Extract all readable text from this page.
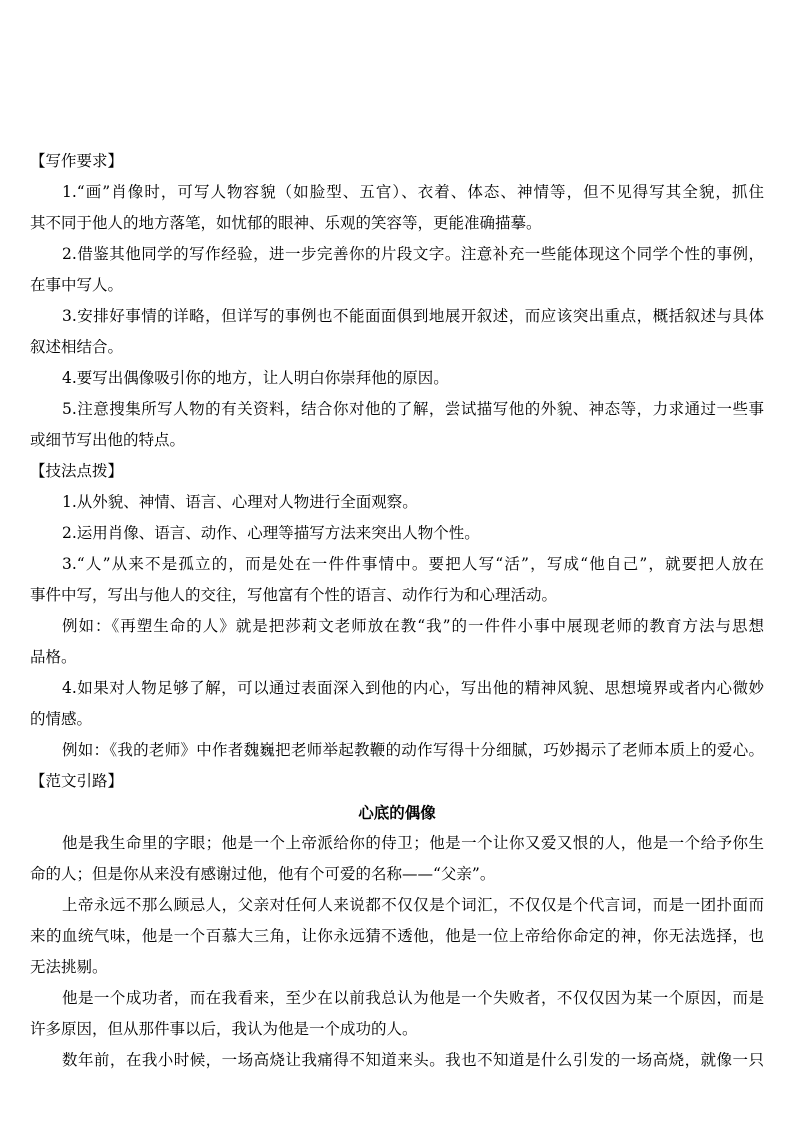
【写作要求】
1.“画”肖像时，可写人物容貌（如脸型、五官）、衣着、体态、神情等，但不见得写其全貌，抓住
其不同于他人的地方落笔，如忧郁的眼神、乐观的笑容等，更能准确描摹。
2.借鉴其他同学的写作经验，进一步完善你的片段文字。注意补充一些能体现这个同学个性的事例，
在事中写人。
3.安排好事情的详略，但详写的事例也不能面面俱到地展开叙述，而应该突出重点，概括叙述与具体
叙述相结合。
4.要写出偶像吸引你的地方，让人明白你崇拜他的原因。
5.注意搜集所写人物的有关资料，结合你对他的了解，尝试描写他的外貌、神态等，力求通过一些事
或细节写出他的特点。
【技法点拨】
1.从外貌、神情、语言、心理对人物进行全面观察。
2.运用肖像、语言、动作、心理等描写方法来突出人物个性。
3.“人”从来不是孤立的，而是处在一件件事情中。要把人写“活”，写成“他自己”，就要把人放在
事件中写，写出与他人的交往，写他富有个性的语言、动作行为和心理活动。
例如：《再塑生命的人》就是把莎莉文老师放在教“我”的一件件小事中展现老师的教育方法与思想
品格。
4.如果对人物足够了解，可以通过表面深入到他的内心，写出他的精神风貌、思想境界或者内心微妙
的情感。
例如：《我的老师》中作者魏巍把老师举起教鞭的动作写得十分细腻，巧妙揭示了老师本质上的爱心。
【范文引路】
心底的偶像
他是我生命里的字眼；他是一个上帝派给你的侍卫；他是一个让你又爱又恨的人，他是一个给予你生
命的人；但是你从来没有感谢过他，他有个可爱的名称——“父亲”。
上帝永远不那么顾忌人，父亲对任何人来说都不仅仅是个词汇，不仅仅是个代言词，而是一团扑面而
来的血统气味，他是一个百慕大三角，让你永远猜不透他，他是一位上帝给你命定的神，你无法选择，也
无法挑剔。
他是一个成功者，而在我看来，至少在以前我总认为他是一个失败者，不仅仅因为某一个原因，而是
许多原因，但从那件事以后，我认为他是一个成功的人。
数年前，在我小时候，一场高烧让我痛得不知道来头。我也不知道是什么引发的一场高烧，就像一只
